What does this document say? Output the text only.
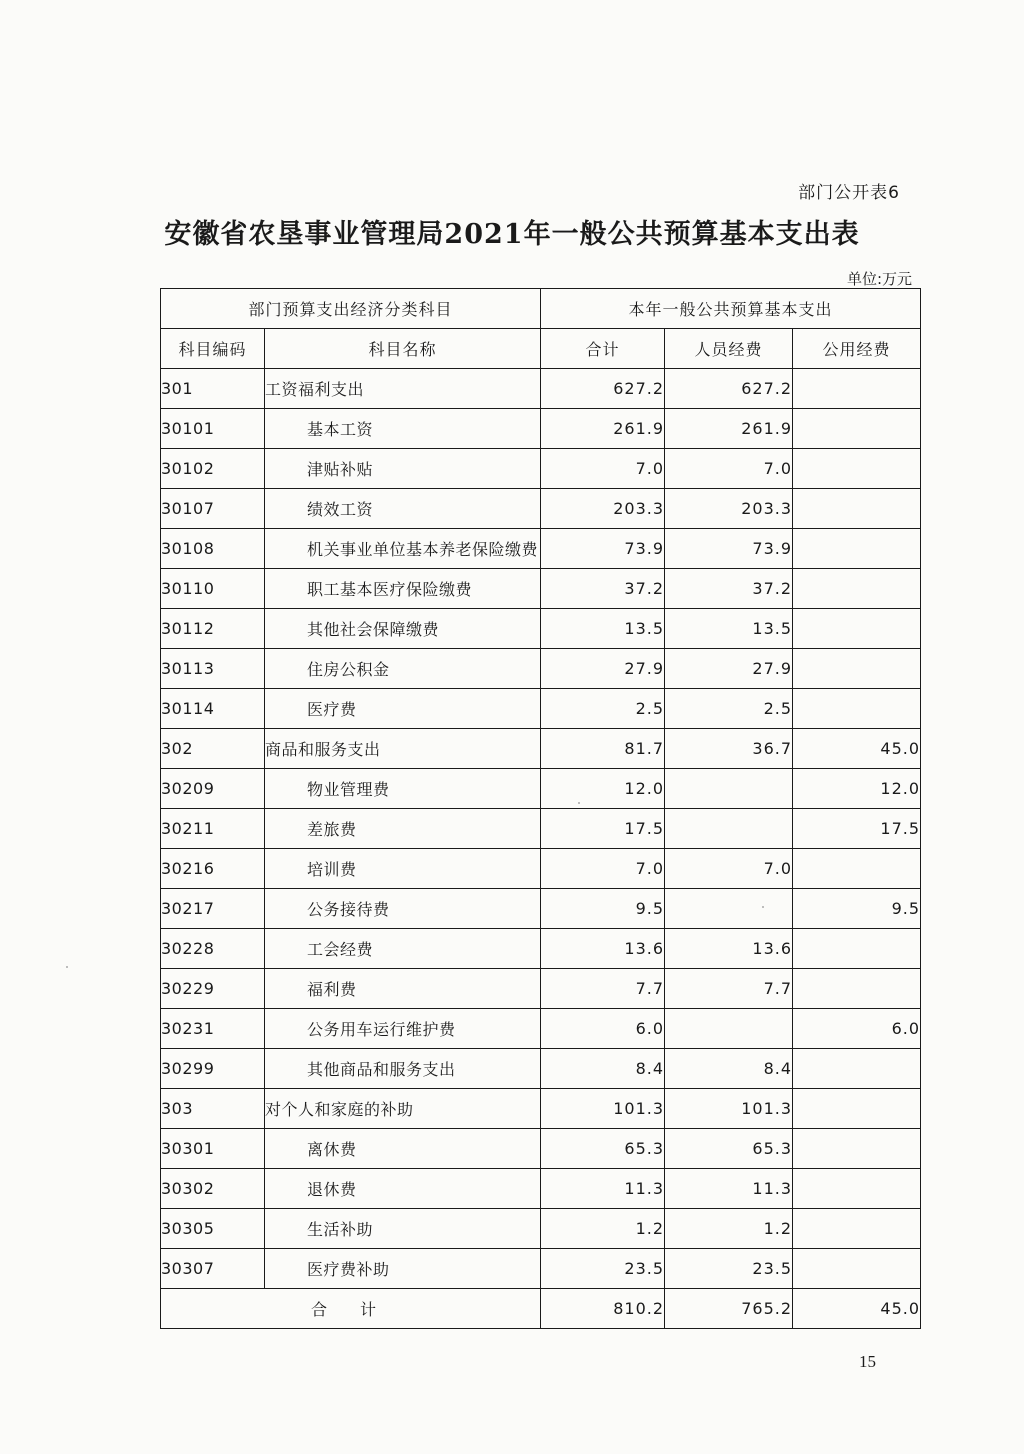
部门公开表6
安徽省农垦事业管理局2021年一般公共预算基本支出表
单位:万元
部门预算支出经济分类科目		本年一般公共预算基本支出		
科目编码	科目名称	合计	人员经费	公用经费
301	工资福利支出	627.2	627.2	
30101	基本工资	261.9	261.9	
30102	津贴补贴	7.0	7.0	
30107	绩效工资	203.3	203.3	
30108	机关事业单位基本养老保险缴费	73.9	73.9	
30110	职工基本医疗保险缴费	37.2	37.2	
30112	其他社会保障缴费	13.5	13.5	
30113	住房公积金	27.9	27.9	
30114	医疗费	2.5	2.5	
302	商品和服务支出	81.7	36.7	45.0
30209	物业管理费	12.0		12.0
30211	差旅费	17.5		17.5
30216	培训费	7.0	7.0	
30217	公务接待费	9.5		9.5
30228	工会经费	13.6	13.6	
30229	福利费	7.7	7.7	
30231	公务用车运行维护费	6.0		6.0
30299	其他商品和服务支出	8.4	8.4	
303	对个人和家庭的补助	101.3	101.3	
30301	离休费	65.3	65.3	
30302	退休费	11.3	11.3	
30305	生活补助	1.2	1.2	
30307	医疗费补助	23.5	23.5	
合 计		810.2	765.2	45.0
15
